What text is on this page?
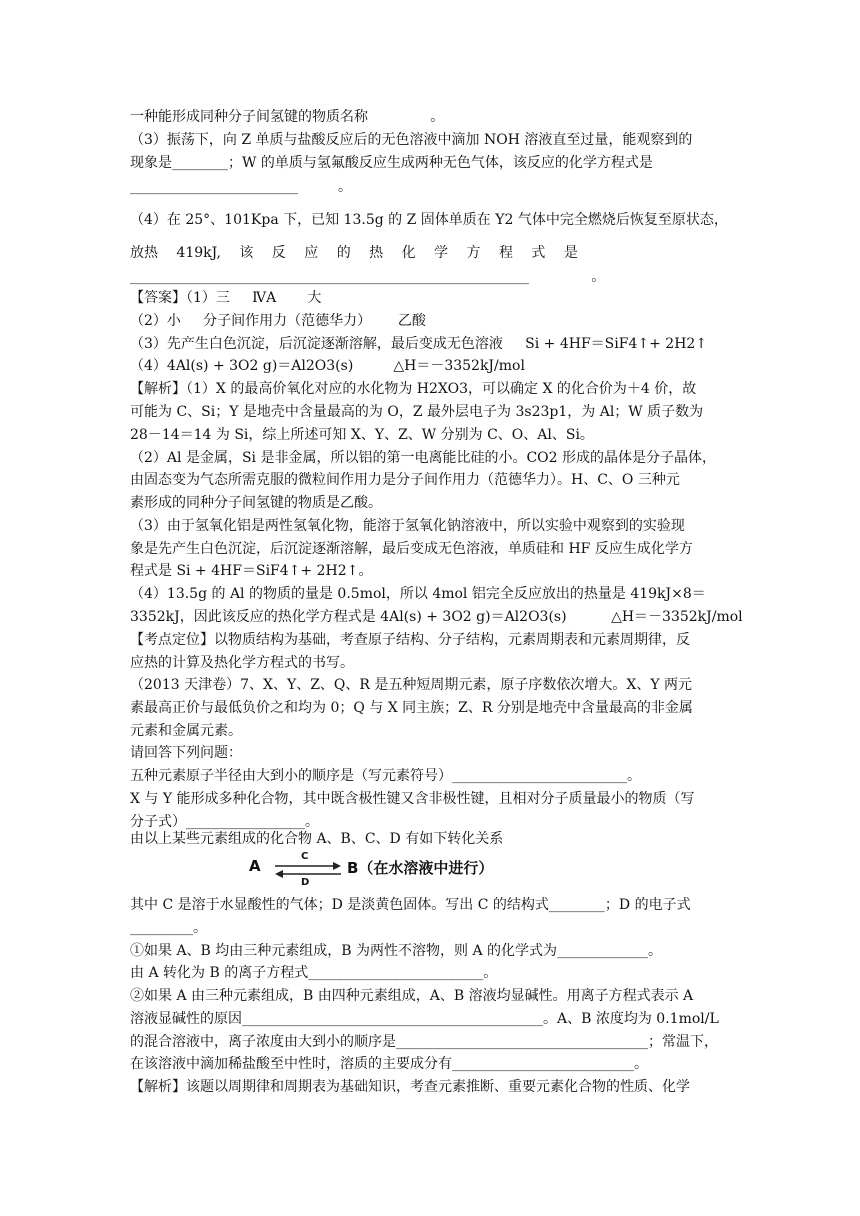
一种能形成同种分子间氢键的物质名称              。
（3）振荡下，向 Z 单质与盐酸反应后的无色溶液中滴加 NOH 溶液直至过量，能观察到的
现象是________；W 的单质与氢氟酸反应生成两种无色气体，该反应的化学方程式是
________________________         。
（4）在 25°、101Kpa 下，已知 13.5g 的 Z 固体单质在 Y2 气体中完全燃烧后恢复至原状态，
放热 419kJ, 该 反 应 的 热 化 学 方 程 式 是
_________________________________________________________              。
【答案】（1）三     ⅣA       大
（2）小     分子间作用力（范德华力）      乙酸
（3）先产生白色沉淀，后沉淀逐渐溶解，最后变成无色溶液     Si + 4HF＝SiF4↑+ 2H2↑
（4）4Al(s) + 3O2 g)＝Al2O3(s)         △H＝－3352kJ/mol
【解析】（1）X 的最高价氧化对应的水化物为 H2XO3，可以确定 X 的化合价为＋4 价，故
可能为 C、Si；Y 是地壳中含量最高的为 O，Z 最外层电子为 3s23p1，为 Al；W 质子数为
28－14＝14 为 Si，综上所述可知 X、Y、Z、W 分别为 C、O、Al、Si。
（2）Al 是金属，Si 是非金属，所以铝的第一电离能比硅的小。CO2 形成的晶体是分子晶体，
由固态变为气态所需克服的微粒间作用力是分子间作用力（范德华力）。H、C、O 三种元
素形成的同种分子间氢键的物质是乙酸。
（3）由于氢氧化铝是两性氢氧化物，能溶于氢氧化钠溶液中，所以实验中观察到的实验现
象是先产生白色沉淀，后沉淀逐渐溶解，最后变成无色溶液，单质硅和 HF 反应生成化学方
程式是 Si + 4HF＝SiF4↑+ 2H2↑。
（4）13.5g 的 Al 的物质的量是 0.5mol，所以 4mol 铝完全反应放出的热量是 419kJ×8＝
3352kJ，因此该反应的热化学方程式是 4Al(s) + 3O2 g)＝Al2O3(s)          △H＝－3352kJ/mol
【考点定位】以物质结构为基础，考查原子结构、分子结构，元素周期表和元素周期律，反
应热的计算及热化学方程式的书写。
（2013 天津卷）7、X、Y、Z、Q、R 是五种短周期元素，原子序数依次增大。X、Y 两元
素最高正价与最低负价之和均为 0；Q 与 X 同主族；Z、R 分别是地壳中含量最高的非金属
元素和金属元素。
请回答下列问题：
五种元素原子半径由大到小的顺序是（写元素符号）_________________________。
X 与 Y 能形成多种化合物，其中既含极性键又含非极性键，且相对分子质量最小的物质（写
分子式）_________________。
由以上某些元素组成的化合物 A、B、C、D 有如下转化关系
A
C
D
B（在水溶液中进行）
其中 C 是溶于水显酸性的气体；D 是淡黄色固体。写出 C 的结构式________；D 的电子式
_________。
①如果 A、B 均由三种元素组成，B 为两性不溶物，则 A 的化学式为_____________。
由 A 转化为 B 的离子方程式_________________________。
②如果 A 由三种元素组成，B 由四种元素组成，A、B 溶液均显碱性。用离子方程式表示 A
溶液显碱性的原因___________________________________________。A、B 浓度均为 0.1mol/L
的混合溶液中，离子浓度由大到小的顺序是____________________________________；常温下，
在该溶液中滴加稀盐酸至中性时，溶质的主要成分有__________________________。
【解析】该题以周期律和周期表为基础知识，考查元素推断、重要元素化合物的性质、化学
